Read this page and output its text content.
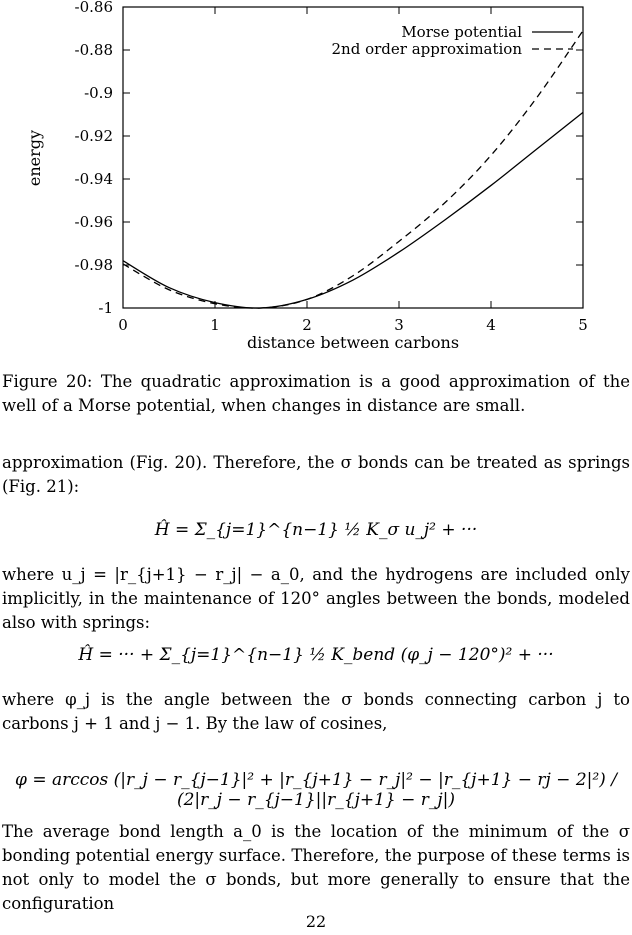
0	1	2	3	4	5
-1
-0.98
-0.96
-0.94
-0.92
-0.9
-0.88
-0.86
Morse potential
2nd order approximation
distance between carbons
energy
Figure 20: The quadratic approximation is a good approximation of the well of a Morse potential, when changes in distance are small.
approximation (Fig. 20). Therefore, the σ bonds can be treated as springs (Fig. 21):
Ĥ = Σ_{j=1}^{n−1} ½ K_σ u_j² + ···
where u_j = |r_{j+1} − r_j| − a_0, and the hydrogens are included only implicitly, in the maintenance of 120° angles between the bonds, modeled also with springs:
Ĥ = ··· + Σ_{j=1}^{n−1} ½ K_bend (φ_j − 120°)² + ···
where φ_j is the angle between the σ bonds connecting carbon j to carbons j + 1 and j − 1. By the law of cosines,
φ = arccos (|r_j − r_{j−1}|² + |r_{j+1} − r_j|² − |r_{j+1} − rj − 2|²) / (2|r_j − r_{j−1}||r_{j+1} − r_j|)
The average bond length a_0 is the location of the minimum of the σ bonding potential energy surface. Therefore, the purpose of these terms is not only to model the σ bonds, but more generally to ensure that the configuration
22
